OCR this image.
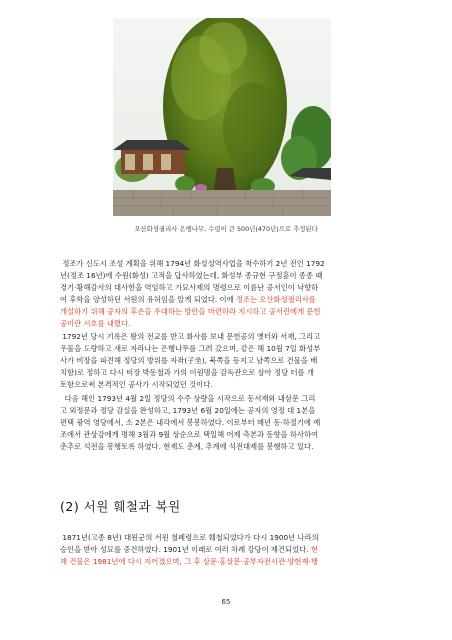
오산화성궐리사 은행나무, 수령이 큰 500년(470년)으로 추정된다

정조가 신도시 조성 계획을 위해 1794년 화성성역사업을 착수하기 2년 전인 1792
년(정조 16년)에 수원(화성) 고적을 답사하였는데, 화성부 종규현 구정훈이 종종 때
경기·황해감사의 대사헌을 역임하고 가묘사제의 명령으로 이름난 공서인이 낙향하
여 후학을 양성하던 서원의 유허임을 알게 되었다. 이에 정조는 오산화성궐리사를
개설하기 위해 공자의 후손을 우대하는 방안을 마련하라 지시하고 공서린에게 문헌
공이란 시호를 내렸다.

1792년 당시 기록은 왕의 전교를 받고 화사를 보내 문헌공의 옛터와 서재, 그리고
우물을 도량하고 새로 자라나는 은행나무를 그려 갔으며, 같은 해 10월 7일 화성부
사가 비장을 파견해 정당의 방위를 자좌(子坐), 북쪽을 등지고 남쪽으로 건물을 배
치함)로 정하고 다시 비장 박동철과 가의 이원명을 감독관으로 삼아 정당 터를 개
토함으로써 본격적인 공사가 시작되었던 것이다.

다음 해인 1793년 4월 2일 정당의 수주 상량을 시작으로 동서재와 내삼문 그리
고 외정문과 정당 감실을 완성하고, 1793년 6월 20일에는 공자의 영정 대 1본을
편택 광역 영당에서, 소 2본은 내각에서 봉봉하였다. 이로부터 매년 동·하절기에 예
조에서 관상감에게 명해 3월과 9월 상순으로 택일해 어제 측본과 동향을 하사하여
춘추로 석전을 봉행토록 하였다. 현재도 춘계, 추계에 석전대제를 봉행하고 있다.

(2) 서원 훼철과 복원

1871년(고종 8년) 대원군의 서원 철폐령으로 훼철되었다가 다시 1900년 나라의
승인을 받아 성묘를 중건하였다. 1901년 이래로 여러 차례 강당이 재건되었다. 현
재 건물은 1981년에 다시 지어졌으며, 그 후 삼문·홍살문·공부자전시관·양현재·행

65
